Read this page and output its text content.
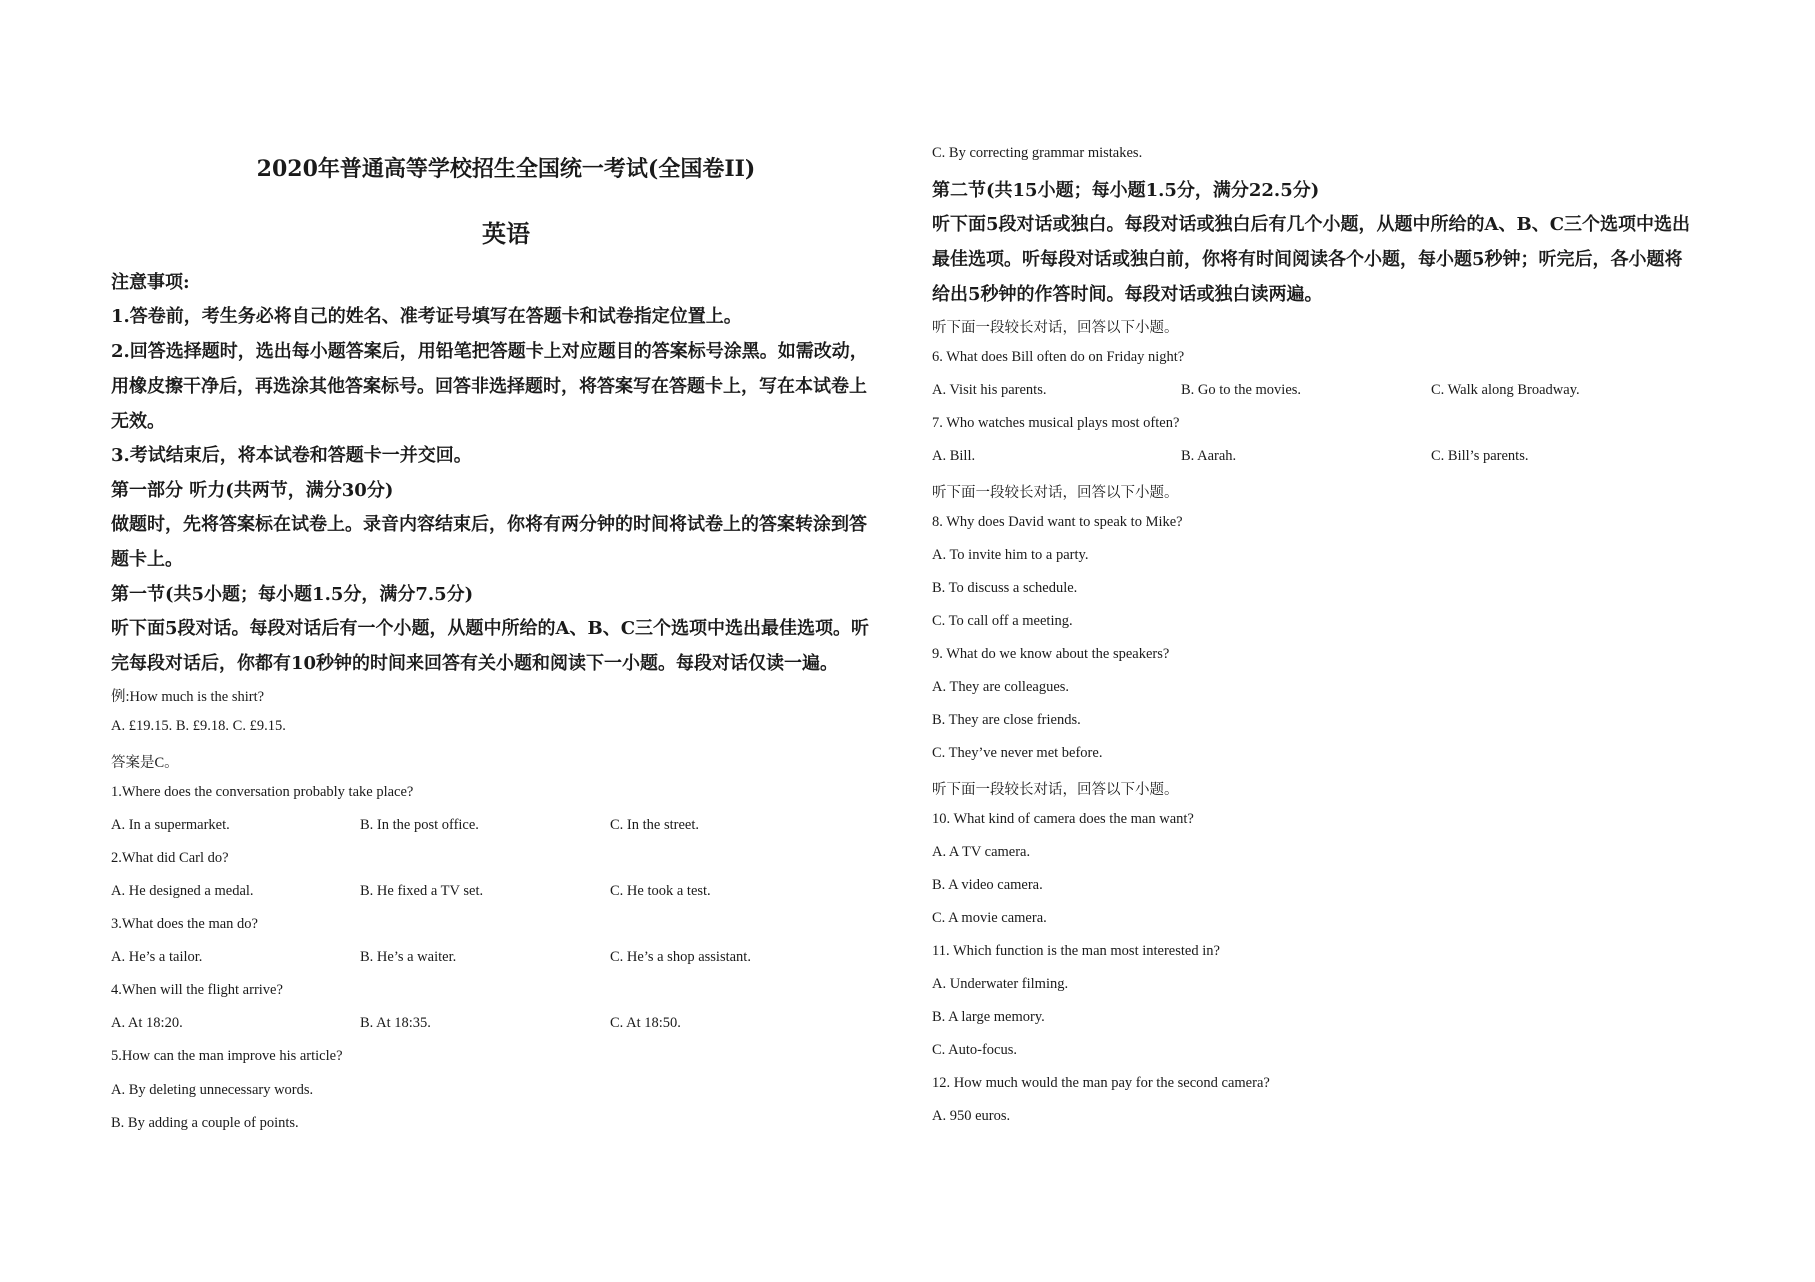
2020年普通高等学校招生全国统一考试(全国卷II)
英语
注意事项:
1.答卷前，考生务必将自己的姓名、准考证号填写在答题卡和试卷指定位置上。
2.回答选择题时，选出每小题答案后，用铅笔把答题卡上对应题目的答案标号涂黑。如需改动，
用橡皮擦干净后，再选涂其他答案标号。回答非选择题时，将答案写在答题卡上，写在本试卷上
无效。
3.考试结束后，将本试卷和答题卡一并交回。
第一部分 听力(共两节，满分30分)
做题时，先将答案标在试卷上。录音内容结束后，你将有两分钟的时间将试卷上的答案转涂到答
题卡上。
第一节(共5小题；每小题1.5分，满分7.5分)
听下面5段对话。每段对话后有一个小题，从题中所给的A、B、C三个选项中选出最佳选项。听
完每段对话后，你都有10秒钟的时间来回答有关小题和阅读下一小题。每段对话仅读一遍。
例:How much is the shirt?
A. £19.15. B. £9.18. C. £9.15.
答案是C。
1.Where does the conversation probably take place?
A. In a supermarket.	B. In the post office.	C. In the street.
2.What did Carl do?
A. He designed a medal.	B. He fixed a TV set.	C. He took a test.
3.What does the man do?
A. He’s a tailor.	B. He’s a waiter.	C. He’s a shop assistant.
4.When will the flight arrive?
A. At 18:20.	B. At 18:35.	C. At 18:50.
5.How can the man improve his article?
A. By deleting unnecessary words.
B. By adding a couple of points.
C. By correcting grammar mistakes.
第二节(共15小题；每小题1.5分，满分22.5分)
听下面5段对话或独白。每段对话或独白后有几个小题，从题中所给的A、B、C三个选项中选出
最佳选项。听每段对话或独白前，你将有时间阅读各个小题，每小题5秒钟；听完后，各小题将
给出5秒钟的作答时间。每段对话或独白读两遍。
听下面一段较长对话，回答以下小题。
6. What does Bill often do on Friday night?
A. Visit his parents.	B. Go to the movies.	C. Walk along Broadway.
7. Who watches musical plays most often?
A. Bill.	B. Aarah.	C. Bill’s parents.
听下面一段较长对话，回答以下小题。
8. Why does David want to speak to Mike?
A. To invite him to a party.
B. To discuss a schedule.
C. To call off a meeting.
9. What do we know about the speakers?
A. They are colleagues.
B. They are close friends.
C. They’ve never met before.
听下面一段较长对话，回答以下小题。
10. What kind of camera does the man want?
A. A TV camera.
B. A video camera.
C. A movie camera.
11. Which function is the man most interested in?
A. Underwater filming.
B. A large memory.
C. Auto-focus.
12. How much would the man pay for the second camera?
A. 950 euros.
